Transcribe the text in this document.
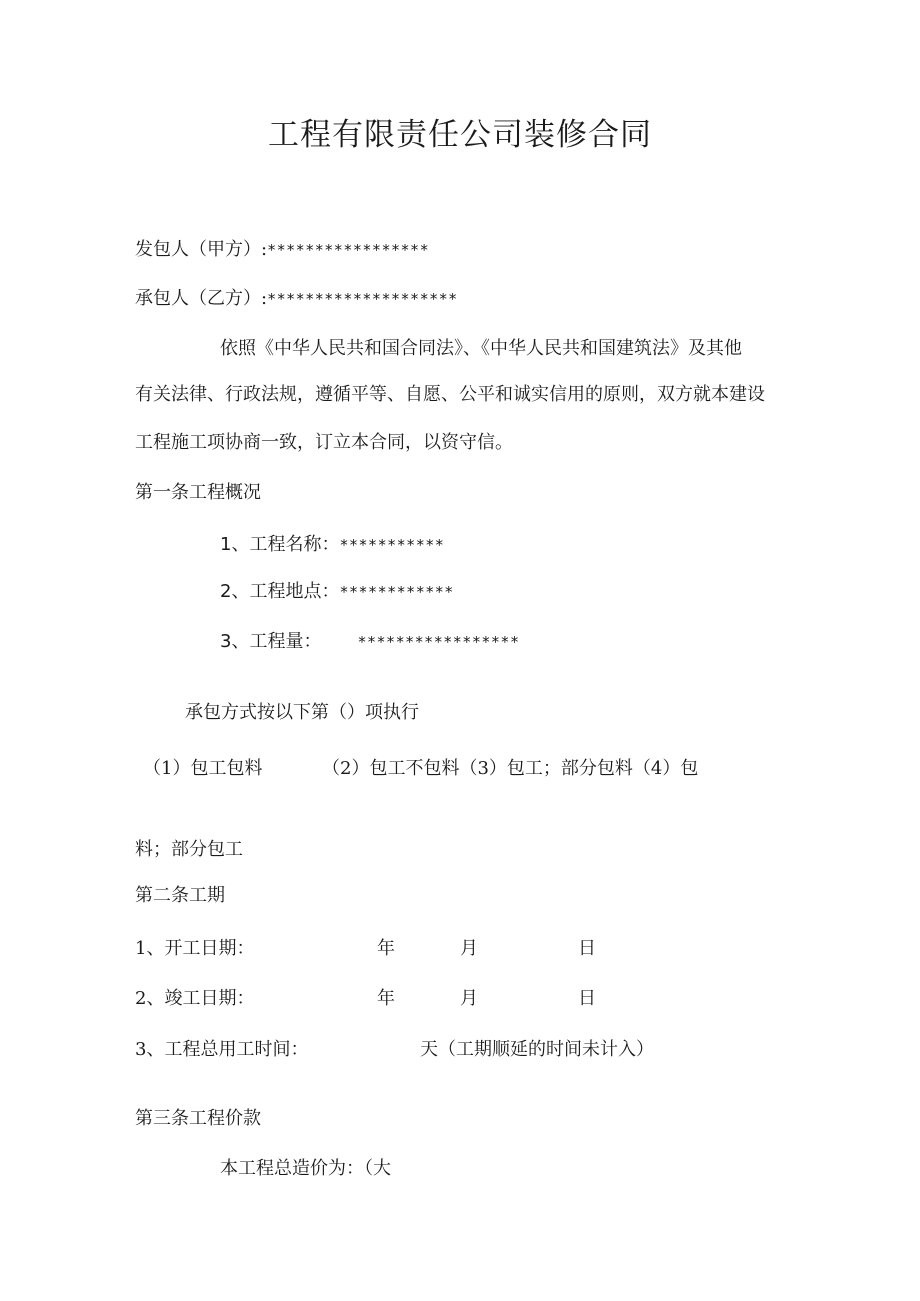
工程有限责任公司装修合同
发包人（甲方）:*****************
承包人（乙方）:********************
依照《中华人民共和国合同法》、《中华人民共和国建筑法》及其他
有关法律、行政法规，遵循平等、自愿、公平和诚实信用的原则，双方就本建设
工程施工项协商一致，订立本合同，以资守信。
第一条工程概况
1、工程名称：***********
2、工程地点：************
3、工程量： *****************
承包方式按以下第（）项执行
（1）包工包料	（2）包工不包料（3）包工；部分包料（4）包
料；部分包工
第二条工期
1、开工日期：	年	月	日
2、竣工日期：	年	月	日
3、工程总用工时间：	天（工期顺延的时间未计入）
第三条工程价款
本工程总造价为：（大
